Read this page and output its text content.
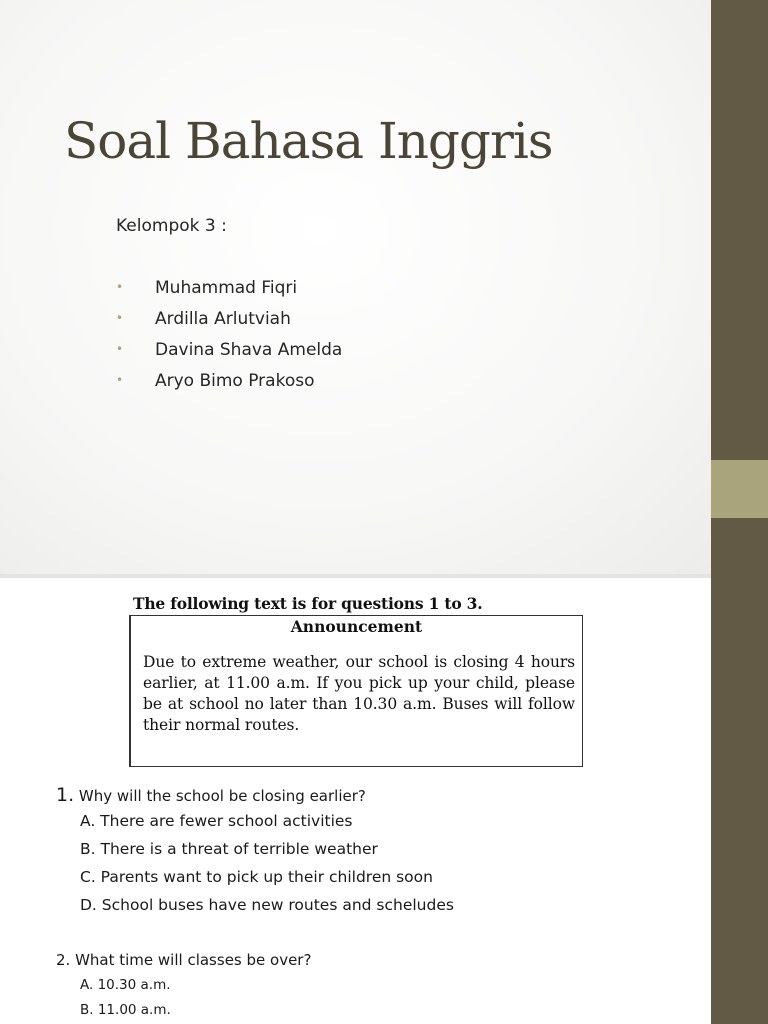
Soal Bahasa Inggris
Kelompok 3 :
• Muhammad Fiqri
• Ardilla Arlutviah
• Davina Shava Amelda
• Aryo Bimo Prakoso
The following text is for questions 1 to 3.
Announcement
Due to extreme weather, our school is closing 4 hours earlier, at 11.00 a.m. If you pick up your child, please be at school no later than 10.30 a.m. Buses will follow their normal routes.
1. Why will the school be closing earlier?
A. There are fewer school activities
B. There is a threat of terrible weather
C. Parents want to pick up their children soon
D. School buses have new routes and scheludes
2. What time will classes be over?
A. 10.30 a.m.
B. 11.00 a.m.
